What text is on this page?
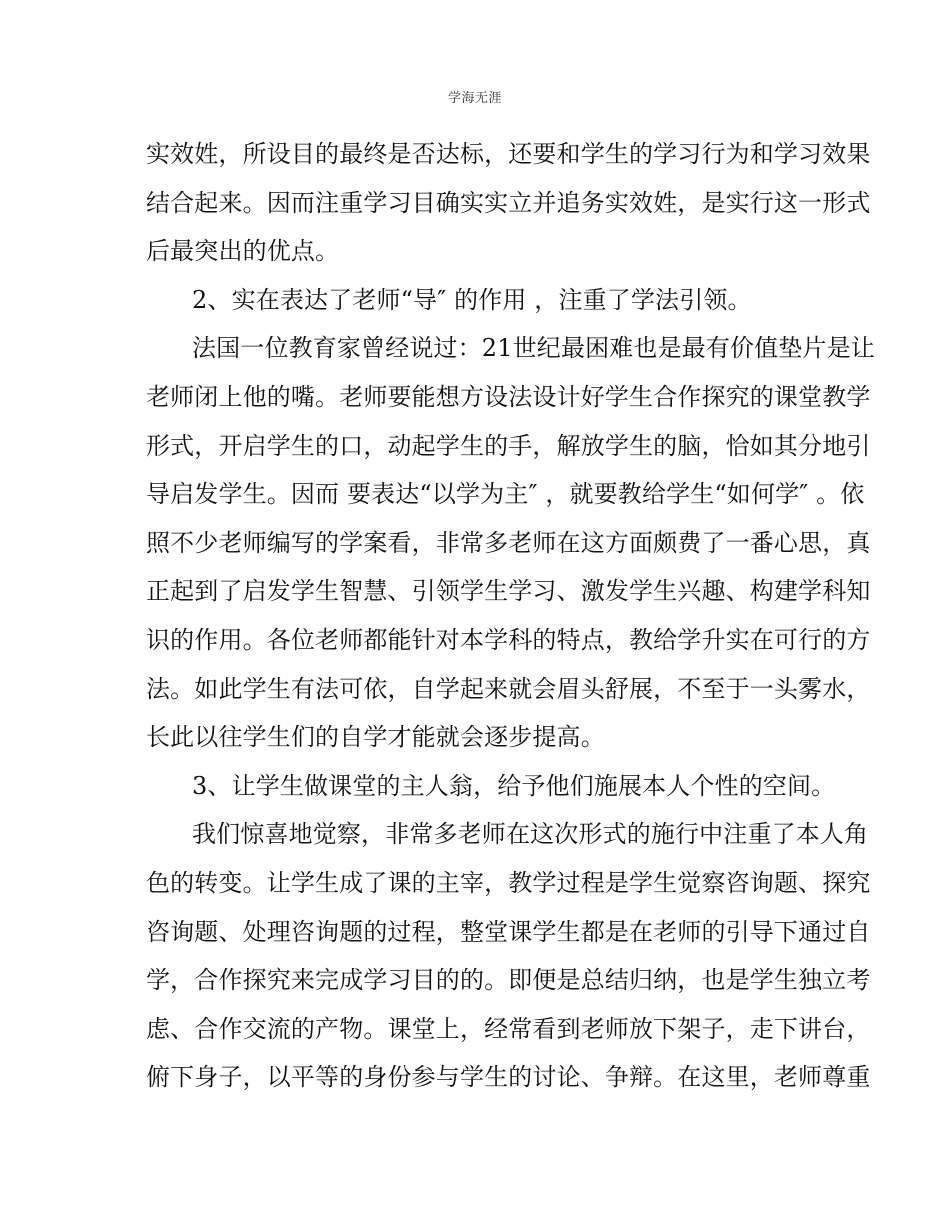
学海无涯
实效姓，所设目的最终是否达标，还要和学生的学习行为和学习效果
结合起来。因而注重学习目确实实立并追务实效姓，是实行这一形式
后最突出的优点。
2、实在表达了老师“导″ 的作用 ，注重了学法引领。
法国一位教育家曾经说过：21世纪最困难也是最有价值垫片是让
老师闭上他的嘴。老师要能想方设法设计好学生合作探究的课堂教学
形式，开启学生的口，动起学生的手，解放学生的脑，恰如其分地引
导启发学生。因而 要表达“以学为主″ ，就要教给学生“如何学″ 。依
照不少老师编写的学案看，非常多老师在这方面颇费了一番心思，真
正起到了启发学生智慧、引领学生学习、激发学生兴趣、构建学科知
识的作用。各位老师都能针对本学科的特点，教给学升实在可行的方
法。如此学生有法可依，自学起来就会眉头舒展，不至于一头雾水，
长此以往学生们的自学才能就会逐步提高。
3、让学生做课堂的主人翁，给予他们施展本人个性的空间。
我们惊喜地觉察，非常多老师在这次形式的施行中注重了本人角
色的转变。让学生成了课的主宰，教学过程是学生觉察咨询题、探究
咨询题、处理咨询题的过程，整堂课学生都是在老师的引导下通过自
学，合作探究来完成学习目的的。即便是总结归纳，也是学生独立考
虑、合作交流的产物。课堂上，经常看到老师放下架子，走下讲台，
俯下身子，以平等的身份参与学生的讨论、争辩。在这里，老师尊重
